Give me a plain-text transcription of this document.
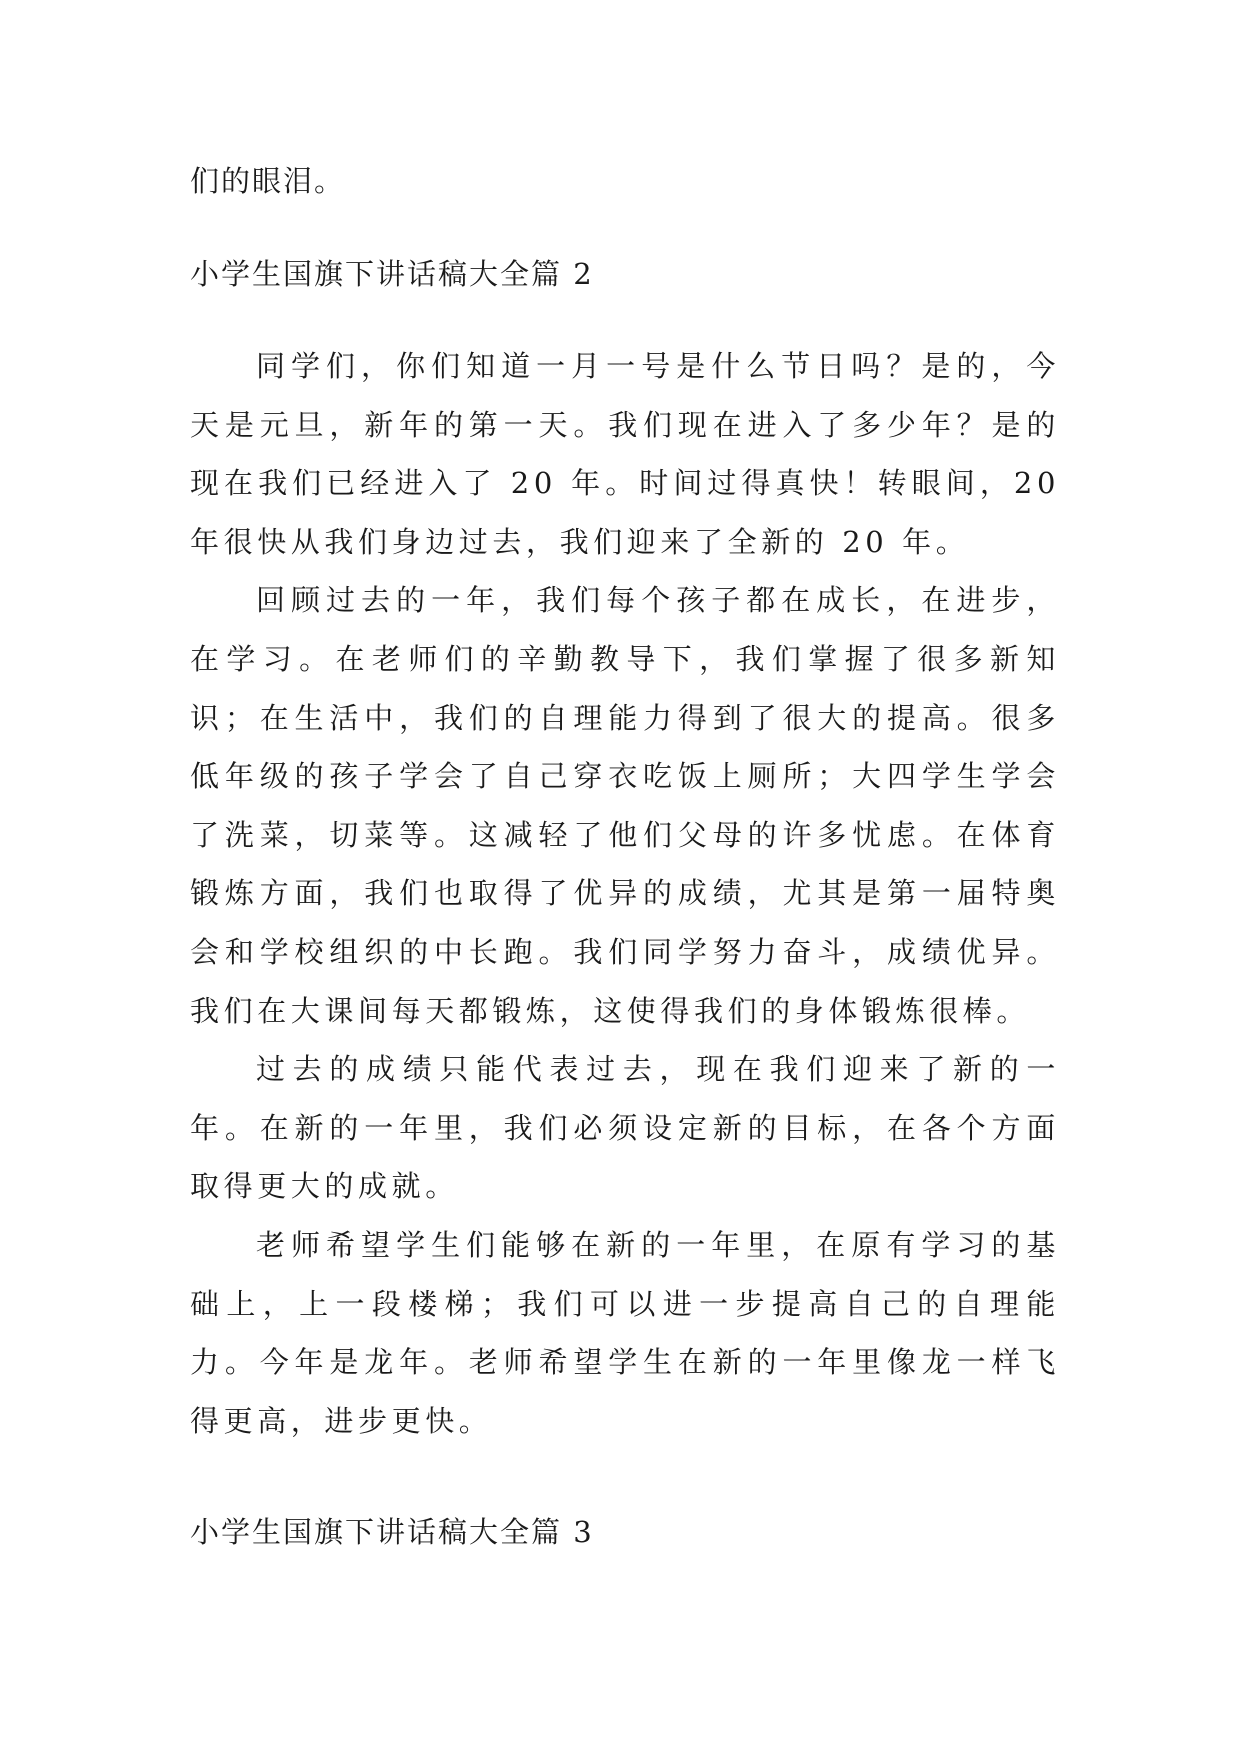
们的眼泪。

小学生国旗下讲话稿大全篇 2

同学们，你们知道一月一号是什么节日吗？是的，今天是元旦，新年的第一天。我们现在进入了多少年？是的现在我们已经进入了 20 年。时间过得真快！转眼间，20 年很快从我们身边过去，我们迎来了全新的 20 年。

回顾过去的一年，我们每个孩子都在成长，在进步，在学习。在老师们的辛勤教导下，我们掌握了很多新知识；在生活中，我们的自理能力得到了很大的提高。很多低年级的孩子学会了自己穿衣吃饭上厕所；大四学生学会了洗菜，切菜等。这减轻了他们父母的许多忧虑。在体育锻炼方面，我们也取得了优异的成绩，尤其是第一届特奥会和学校组织的中长跑。我们同学努力奋斗，成绩优异。我们在大课间每天都锻炼，这使得我们的身体锻炼很棒。

过去的成绩只能代表过去，现在我们迎来了新的一年。在新的一年里，我们必须设定新的目标，在各个方面取得更大的成就。

老师希望学生们能够在新的一年里，在原有学习的基础上，上一段楼梯；我们可以进一步提高自己的自理能力。今年是龙年。老师希望学生在新的一年里像龙一样飞得更高，进步更快。

小学生国旗下讲话稿大全篇 3
